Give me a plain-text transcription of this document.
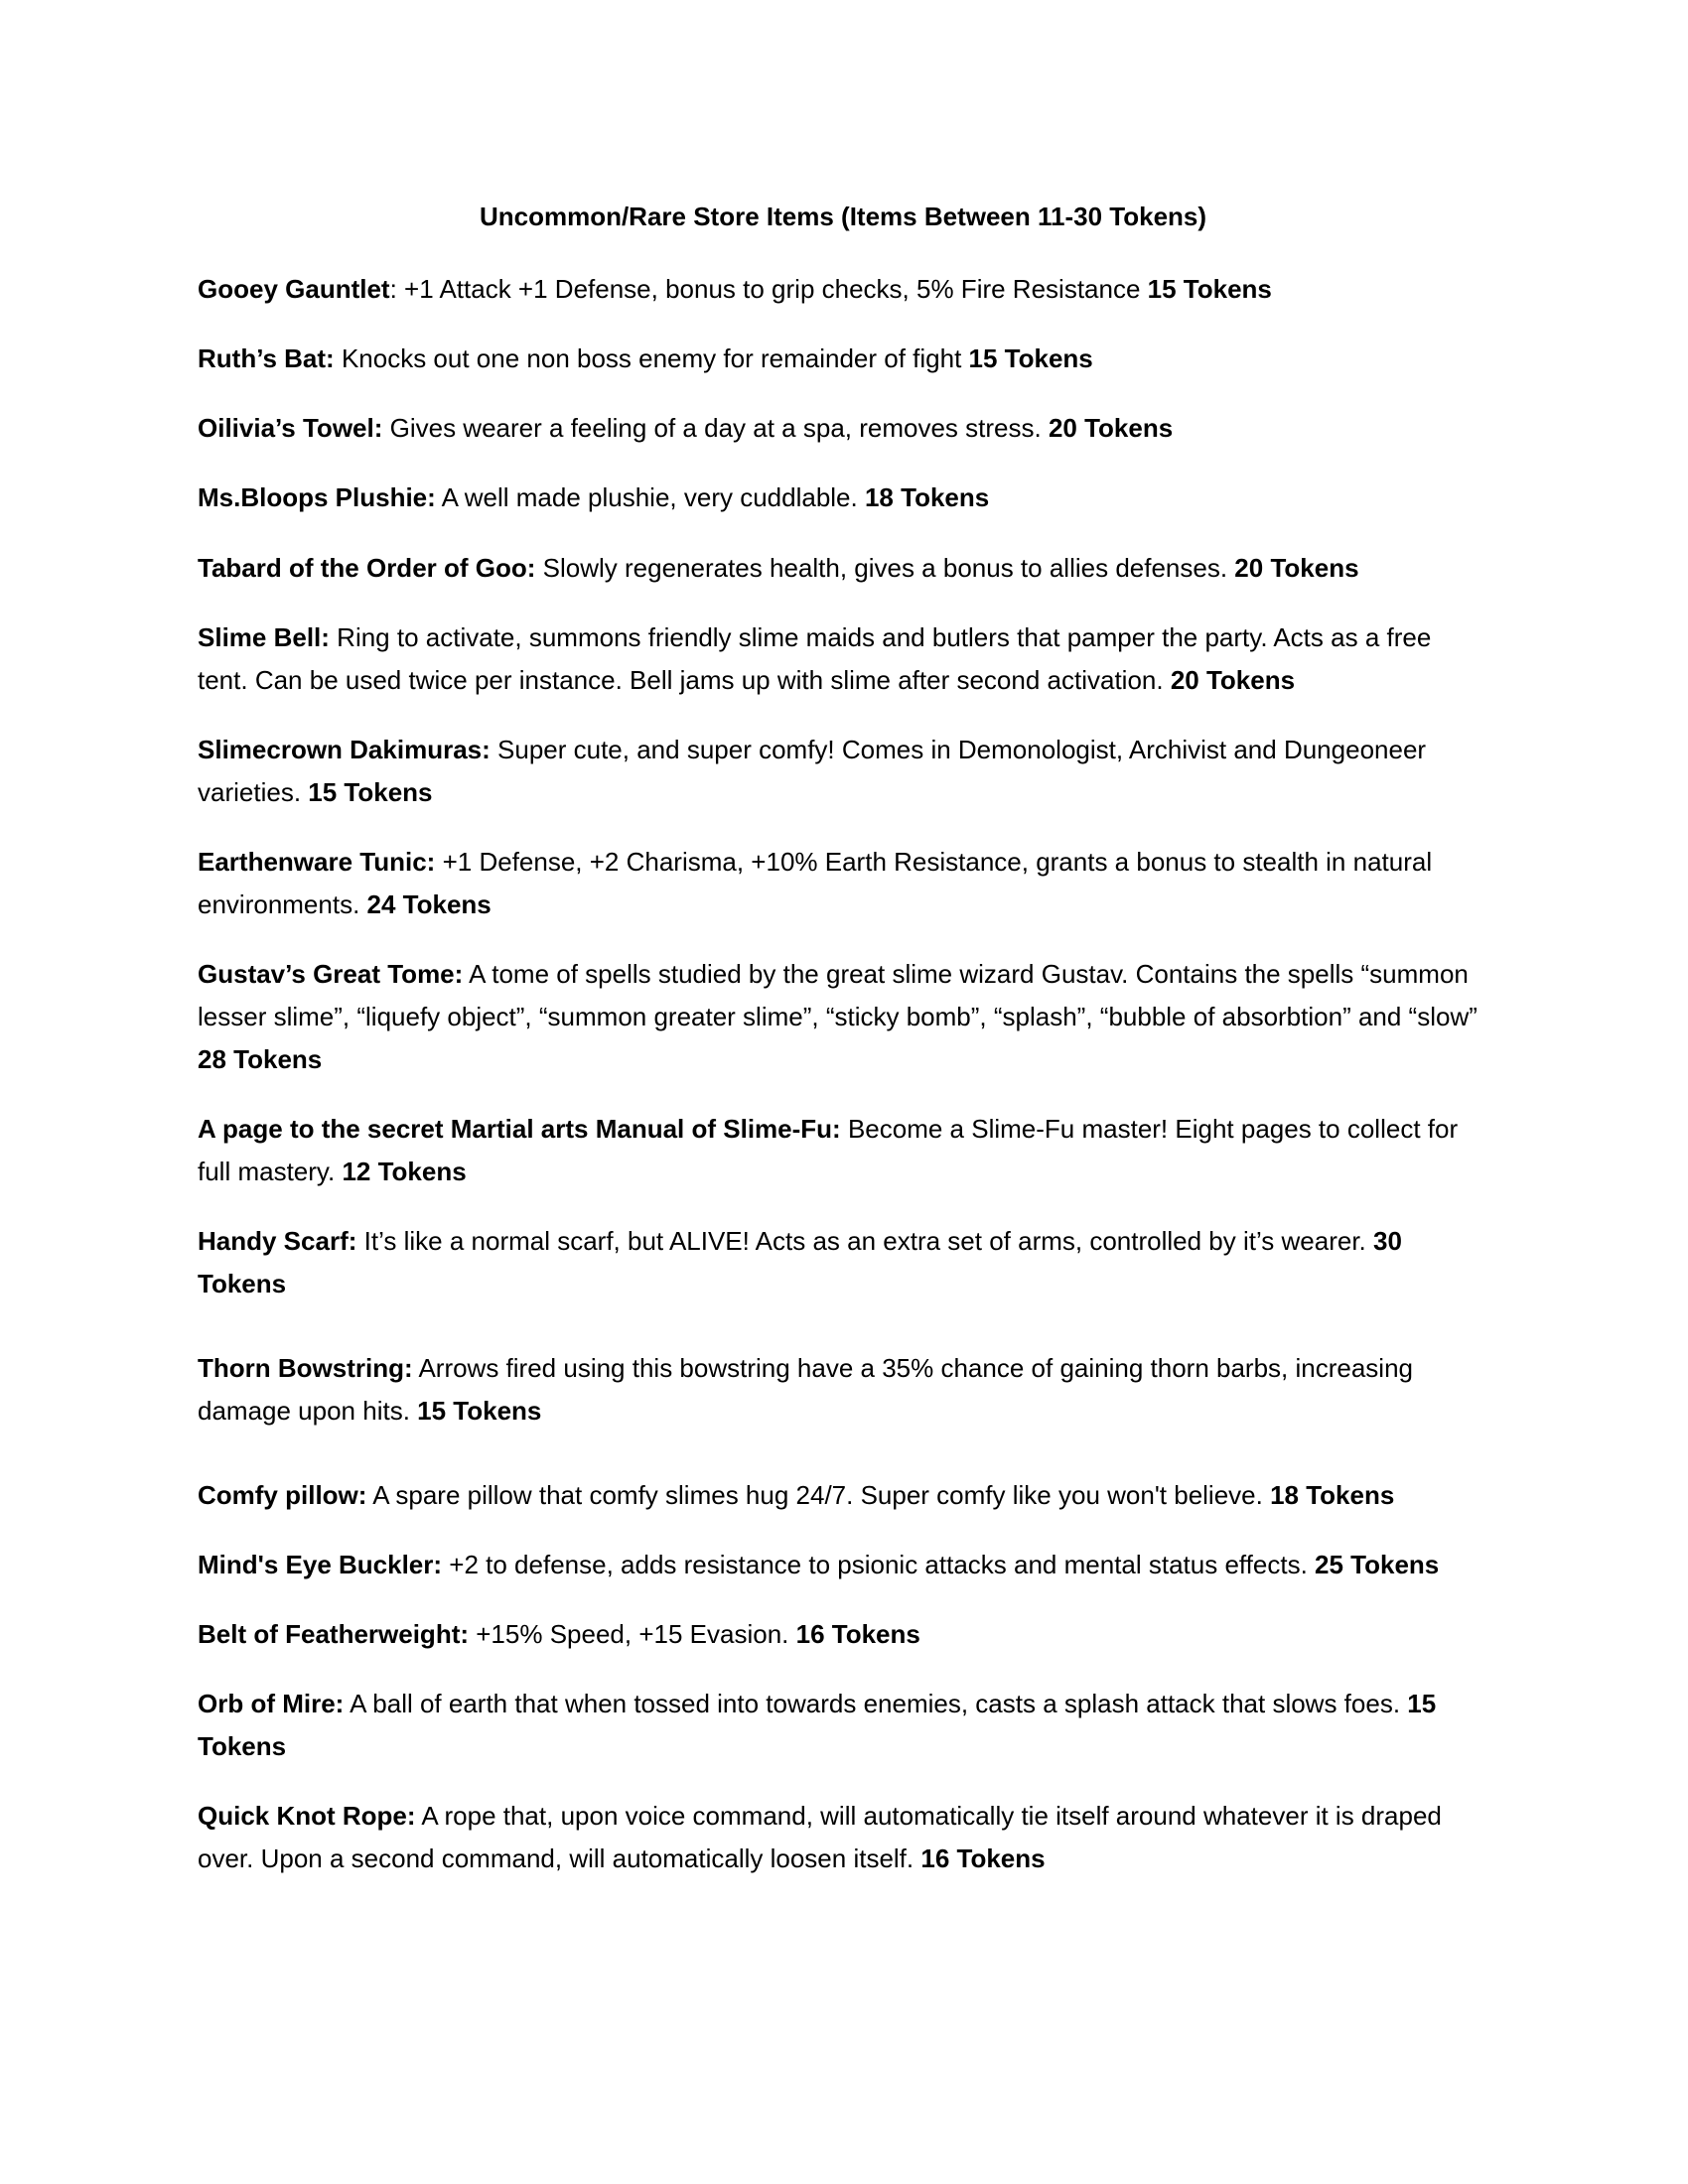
Uncommon/Rare Store Items (Items Between 11-30 Tokens)

Gooey Gauntlet: +1 Attack +1 Defense, bonus to grip checks, 5% Fire Resistance 15 Tokens

Ruth’s Bat: Knocks out one non boss enemy for remainder of fight 15 Tokens

Oilivia’s Towel: Gives wearer a feeling of a day at a spa, removes stress. 20 Tokens

Ms.Bloops Plushie: A well made plushie, very cuddlable. 18 Tokens

Tabard of the Order of Goo: Slowly regenerates health, gives a bonus to allies defenses. 20 Tokens

Slime Bell: Ring to activate, summons friendly slime maids and butlers that pamper the party. Acts as a free tent. Can be used twice per instance. Bell jams up with slime after second activation. 20 Tokens

Slimecrown Dakimuras: Super cute, and super comfy! Comes in Demonologist, Archivist and Dungeoneer varieties. 15 Tokens

Earthenware Tunic: +1 Defense, +2 Charisma, +10% Earth Resistance, grants a bonus to stealth in natural environments. 24 Tokens

Gustav’s Great Tome: A tome of spells studied by the great slime wizard Gustav. Contains the spells “summon lesser slime”, “liquefy object”, “summon greater slime”, “sticky bomb”, “splash”, “bubble of absorbtion” and “slow” 28 Tokens

A page to the secret Martial arts Manual of Slime-Fu: Become a Slime-Fu master! Eight pages to collect for full mastery. 12 Tokens

Handy Scarf: It’s like a normal scarf, but ALIVE! Acts as an extra set of arms, controlled by it’s wearer. 30 Tokens

Thorn Bowstring: Arrows fired using this bowstring have a 35% chance of gaining thorn barbs, increasing damage upon hits. 15 Tokens

Comfy pillow: A spare pillow that comfy slimes hug 24/7. Super comfy like you won't believe. 18 Tokens

Mind's Eye Buckler: +2 to defense, adds resistance to psionic attacks and mental status effects. 25 Tokens

Belt of Featherweight: +15% Speed, +15 Evasion. 16 Tokens

Orb of Mire: A ball of earth that when tossed into towards enemies, casts a splash attack that slows foes. 15 Tokens

Quick Knot Rope: A rope that, upon voice command, will automatically tie itself around whatever it is draped over. Upon a second command, will automatically loosen itself. 16 Tokens
